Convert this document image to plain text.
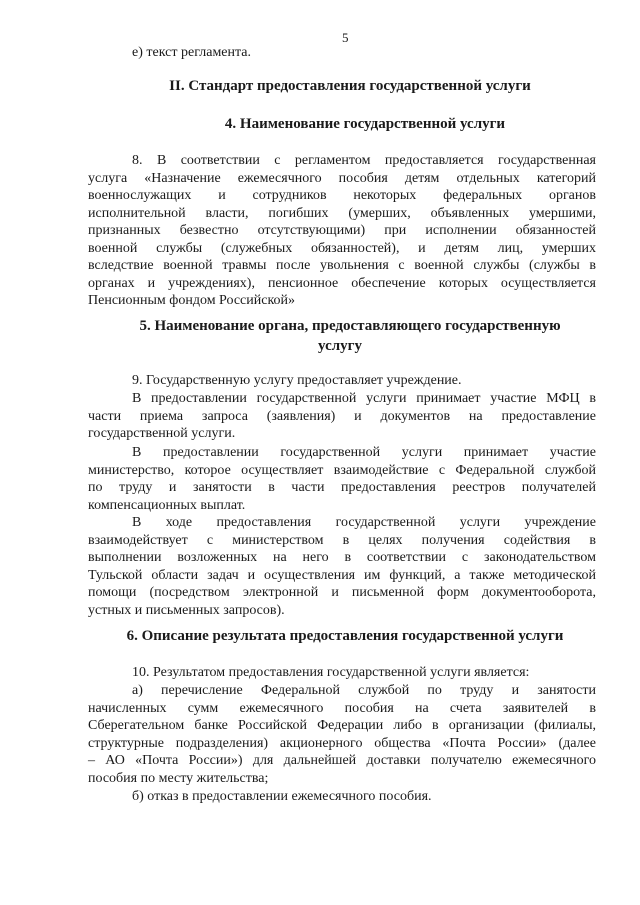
5
е) текст регламента.
II. Стандарт предоставления государственной услуги
4. Наименование государственной услуги
8. В соответствии с регламентом предоставляется государственная
услуга «Назначение ежемесячного пособия детям отдельных категорий
военнослужащих и сотрудников некоторых федеральных органов
исполнительной власти, погибших (умерших, объявленных умершими,
признанных безвестно отсутствующими) при исполнении обязанностей
военной службы (служебных обязанностей), и детям лиц, умерших
вследствие военной травмы после увольнения с военной службы (службы в
органах и учреждениях), пенсионное обеспечение которых осуществляется
Пенсионным фондом Российской»
5. Наименование органа, предоставляющего государственную
услугу
9. Государственную услугу предоставляет учреждение.
В предоставлении государственной услуги принимает участие МФЦ в
части приема запроса (заявления) и документов на предоставление
государственной услуги.
В предоставлении государственной услуги принимает участие
министерство, которое осуществляет взаимодействие с Федеральной службой
по труду и занятости в части предоставления реестров получателей
компенсационных выплат.
В ходе предоставления государственной услуги учреждение
взаимодействует с министерством в целях получения содействия в
выполнении возложенных на него в соответствии с законодательством
Тульской области задач и осуществления им функций, а также методической
помощи (посредством электронной и письменной форм документооборота,
устных и письменных запросов).
6. Описание результата предоставления государственной услуги
10. Результатом предоставления государственной услуги является:
а) перечисление Федеральной службой по труду и занятости
начисленных сумм ежемесячного пособия на счета заявителей в
Сберегательном банке Российской Федерации либо в организации (филиалы,
структурные подразделения) акционерного общества «Почта России» (далее
– АО «Почта России») для дальнейшей доставки получателю ежемесячного
пособия по месту жительства;
б) отказ в предоставлении ежемесячного пособия.
